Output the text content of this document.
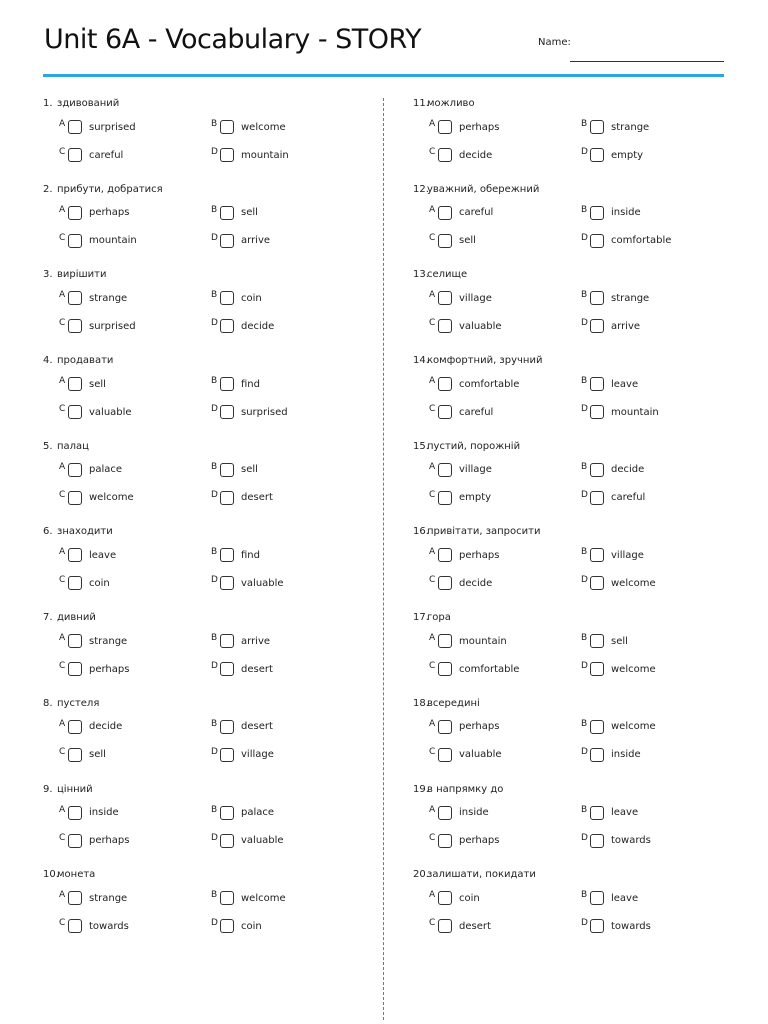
Unit 6A - Vocabulary - STORY	Name:
1. здивований
A surprised	B welcome
C careful	D mountain
2. прибути, добратися
A perhaps	B sell
C mountain	D arrive
3. вирішити
A strange	B coin
C surprised	D decide
4. продавати
A sell	B find
C valuable	D surprised
5. палац
A palace	B sell
C welcome	D desert
6. знаходити
A leave	B find
C coin	D valuable
7. дивний
A strange	B arrive
C perhaps	D desert
8. пустеля
A decide	B desert
C sell	D village
9. цінний
A inside	B palace
C perhaps	D valuable
10.монета
A strange	B welcome
C towards	D coin
11.можливо
A perhaps	B strange
C decide	D empty
12.уважний, обережний
A careful	B inside
C sell	D comfortable
13.селище
A village	B strange
C valuable	D arrive
14.комфортний, зручний
A comfortable	B leave
C careful	D mountain
15.пустий, порожній
A village	B decide
C empty	D careful
16.привітати, запросити
A perhaps	B village
C decide	D welcome
17.гора
A mountain	B sell
C comfortable	D welcome
18.всередині
A perhaps	B welcome
C valuable	D inside
19.в напрямку до
A inside	B leave
C perhaps	D towards
20.залишати, покидати
A coin	B leave
C desert	D towards
